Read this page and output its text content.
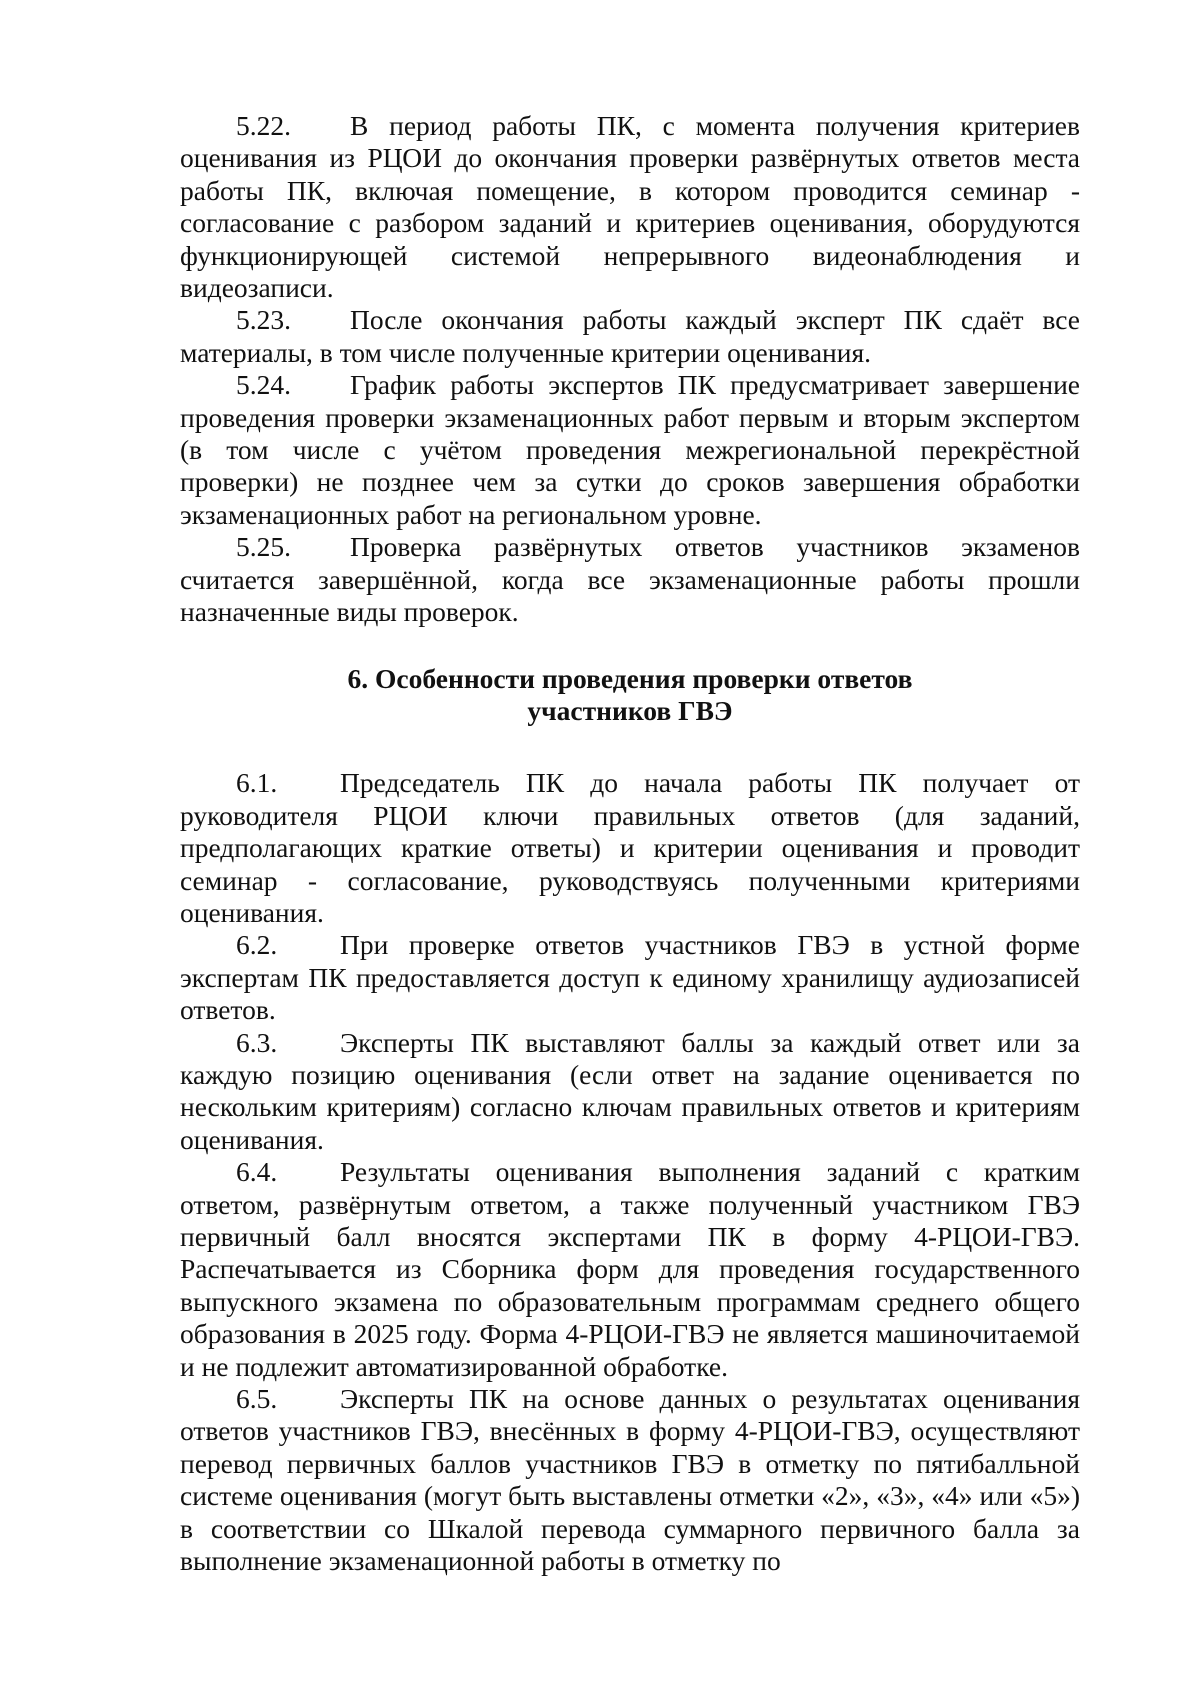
5.22. В период работы ПК, с момента получения критериев оценивания из РЦОИ до окончания проверки развёрнутых ответов места работы ПК, включая помещение, в котором проводится семинар - согласование с разбором заданий и критериев оценивания, оборудуются функционирующей системой непрерывного видеонаблюдения и видеозаписи.

5.23. После окончания работы каждый эксперт ПК сдаёт все материалы, в том числе полученные критерии оценивания.

5.24. График работы экспертов ПК предусматривает завершение проведения проверки экзаменационных работ первым и вторым экспертом (в том числе с учётом проведения межрегиональной перекрёстной проверки) не позднее чем за сутки до сроков завершения обработки экзаменационных работ на региональном уровне.

5.25. Проверка развёрнутых ответов участников экзаменов считается завершённой, когда все экзаменационные работы прошли назначенные виды проверок.

6. Особенности проведения проверки ответов
участников ГВЭ

6.1. Председатель ПК до начала работы ПК получает от руководителя РЦОИ ключи правильных ответов (для заданий, предполагающих краткие ответы) и критерии оценивания и проводит семинар - согласование, руководствуясь полученными критериями оценивания.

6.2. При проверке ответов участников ГВЭ в устной форме экспертам ПК предоставляется доступ к единому хранилищу аудиозаписей ответов.

6.3. Эксперты ПК выставляют баллы за каждый ответ или за каждую позицию оценивания (если ответ на задание оценивается по нескольким критериям) согласно ключам правильных ответов и критериям оценивания.

6.4. Результаты оценивания выполнения заданий с кратким ответом, развёрнутым ответом, а также полученный участником ГВЭ первичный балл вносятся экспертами ПК в форму 4-РЦОИ-ГВЭ. Распечатывается из Сборника форм для проведения государственного выпускного экзамена по образовательным программам среднего общего образования в 2025 году. Форма 4-РЦОИ-ГВЭ не является машиночитаемой и не подлежит автоматизированной обработке.

6.5. Эксперты ПК на основе данных о результатах оценивания ответов участников ГВЭ, внесённых в форму 4-РЦОИ-ГВЭ, осуществляют перевод первичных баллов участников ГВЭ в отметку по пятибалльной системе оценивания (могут быть выставлены отметки «2», «3», «4» или «5») в соответствии со Шкалой перевода суммарного первичного балла за выполнение экзаменационной работы в отметку по
